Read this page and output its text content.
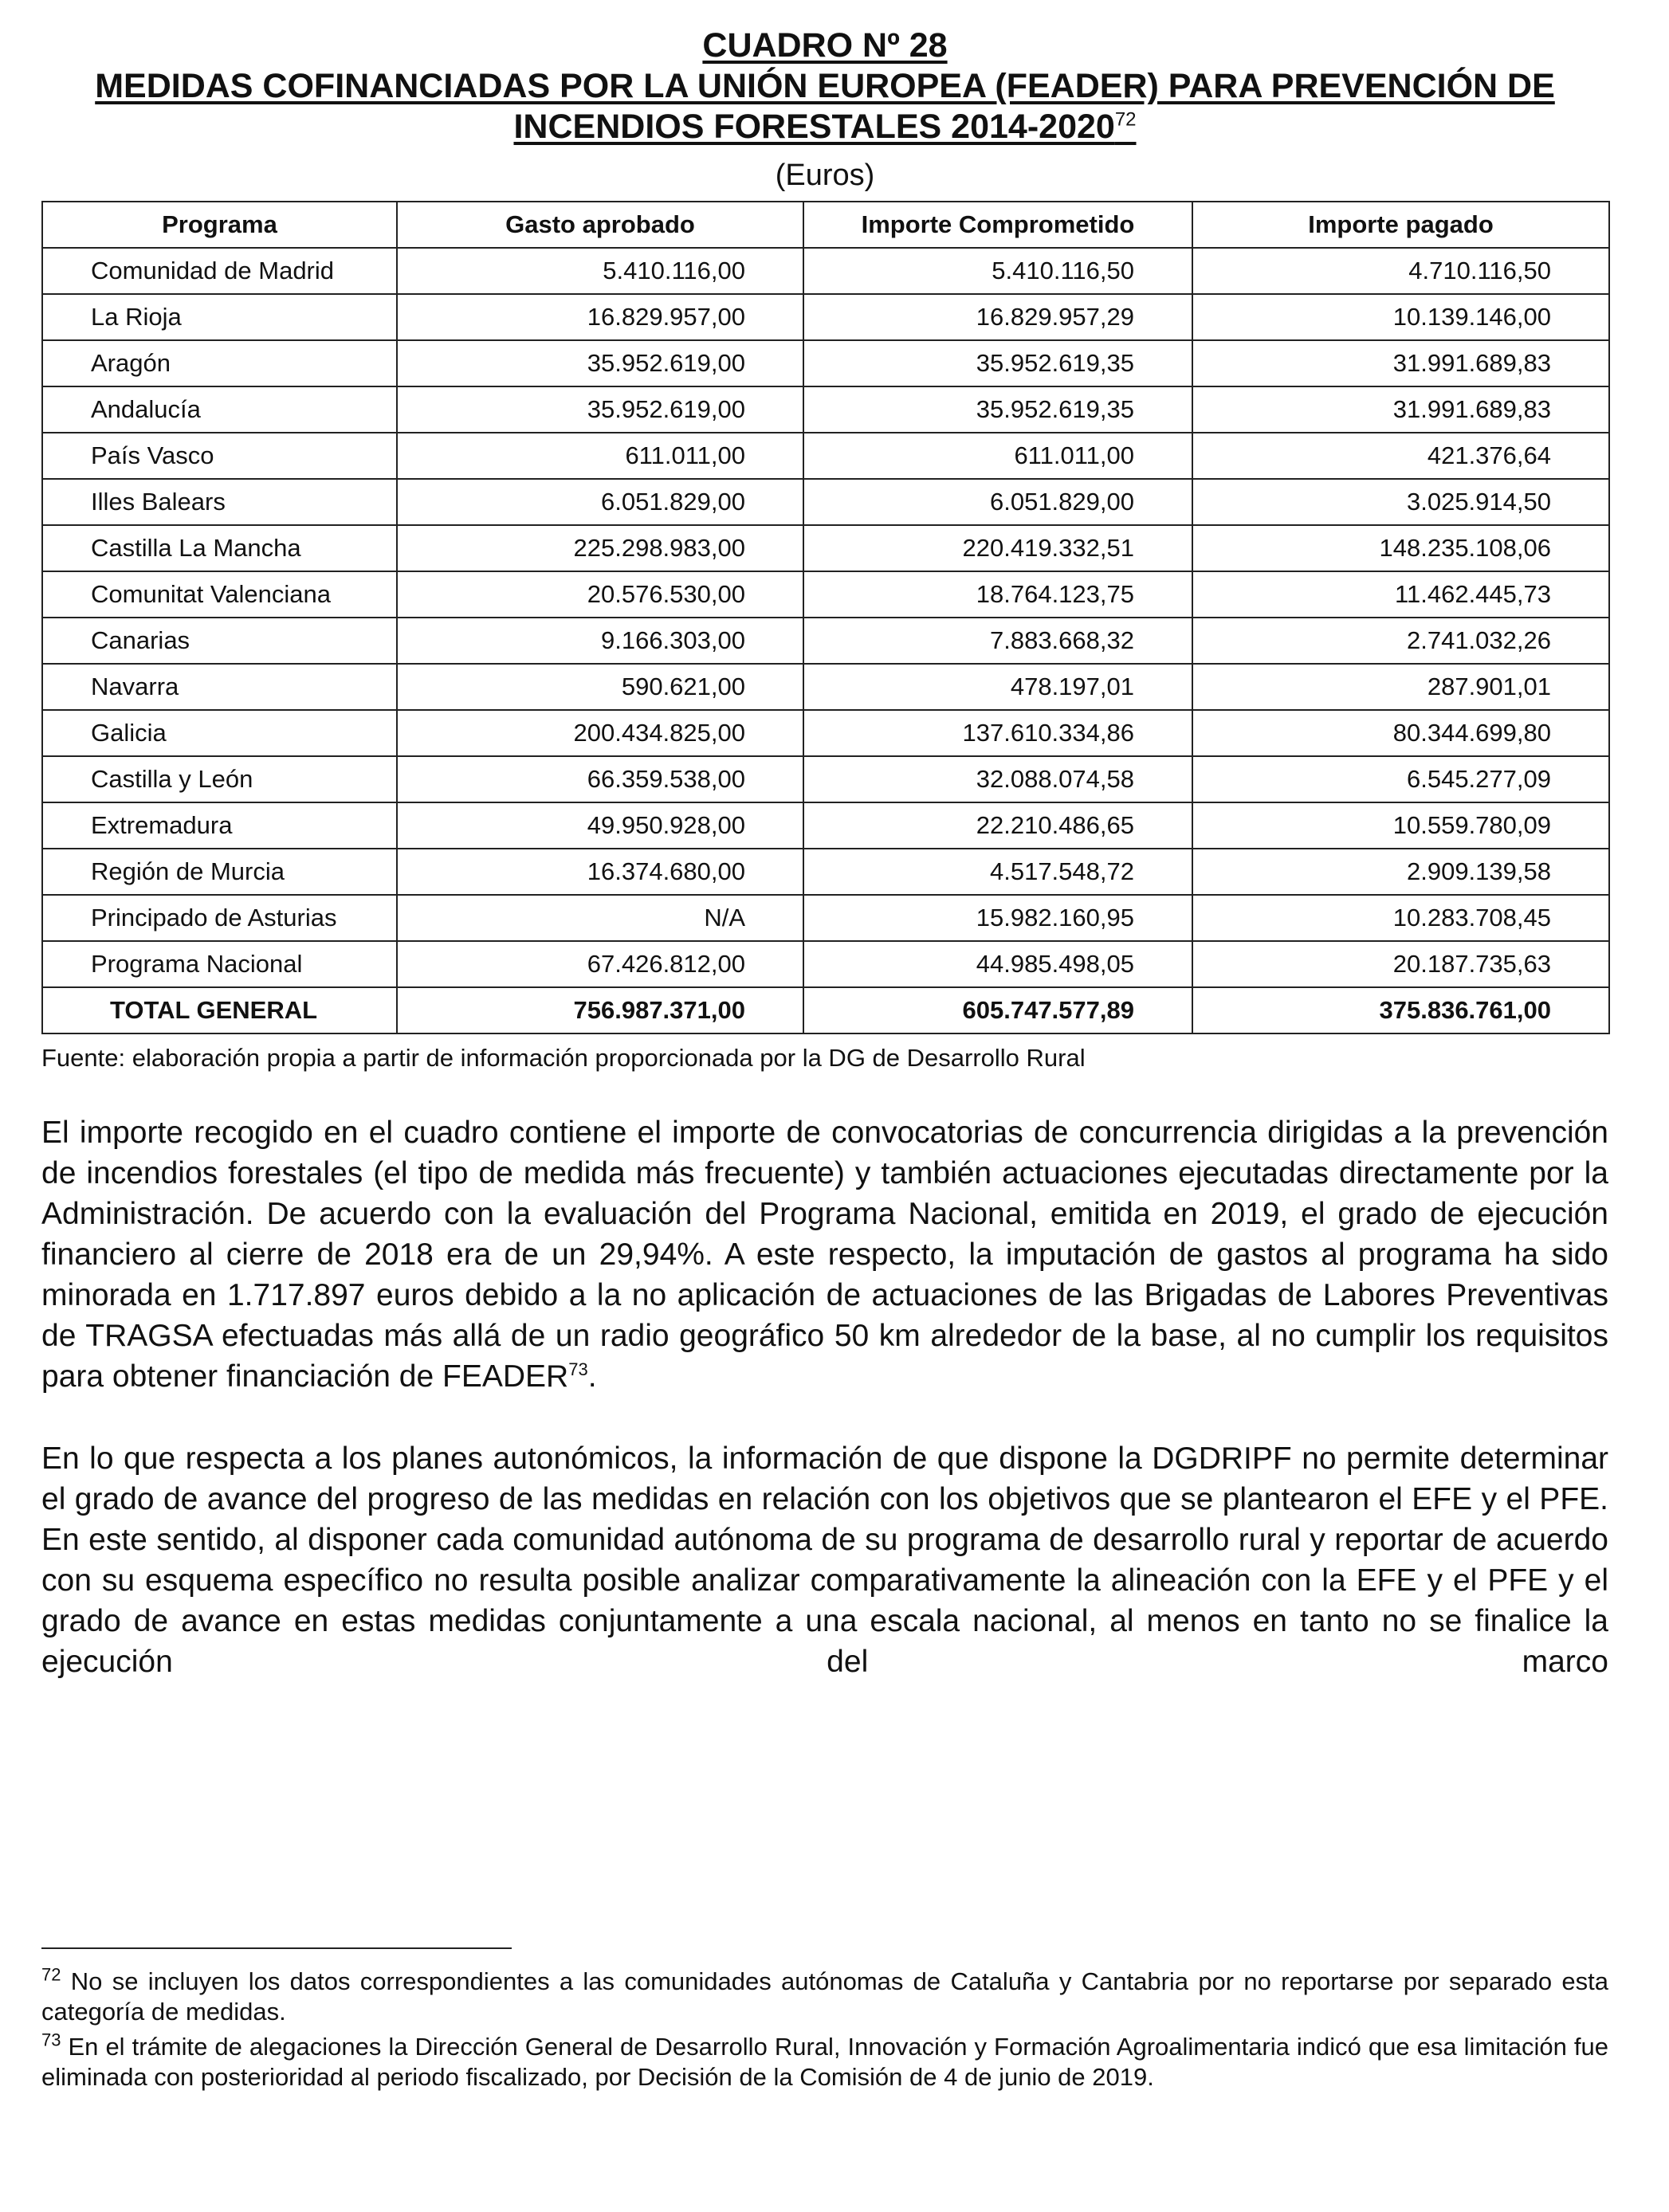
CUADRO Nº 28
MEDIDAS COFINANCIADAS POR LA UNIÓN EUROPEA (FEADER) PARA PREVENCIÓN DE
INCENDIOS FORESTALES 2014-2020$^{72}$
(Euros)
Programa	Gasto aprobado	Importe Comprometido	Importe pagado
Comunidad de Madrid	5.410.116,00	5.410.116,50	4.710.116,50
La Rioja	16.829.957,00	16.829.957,29	10.139.146,00
Aragón	35.952.619,00	35.952.619,35	31.991.689,83
Andalucía	35.952.619,00	35.952.619,35	31.991.689,83
País Vasco	611.011,00	611.011,00	421.376,64
Illes Balears	6.051.829,00	6.051.829,00	3.025.914,50
Castilla La Mancha	225.298.983,00	220.419.332,51	148.235.108,06
Comunitat Valenciana	20.576.530,00	18.764.123,75	11.462.445,73
Canarias	9.166.303,00	7.883.668,32	2.741.032,26
Navarra	590.621,00	478.197,01	287.901,01
Galicia	200.434.825,00	137.610.334,86	80.344.699,80
Castilla y León	66.359.538,00	32.088.074,58	6.545.277,09
Extremadura	49.950.928,00	22.210.486,65	10.559.780,09
Región de Murcia	16.374.680,00	4.517.548,72	2.909.139,58
Principado de Asturias	N/A	15.982.160,95	10.283.708,45
Programa Nacional	67.426.812,00	44.985.498,05	20.187.735,63
TOTAL GENERAL	756.987.371,00	605.747.577,89	375.836.761,00
Fuente: elaboración propia a partir de información proporcionada por la DG de Desarrollo Rural
El importe recogido en el cuadro contiene el importe de convocatorias de concurrencia dirigidas a la prevención de incendios forestales (el tipo de medida más frecuente) y también actuaciones ejecutadas directamente por la Administración. De acuerdo con la evaluación del Programa Nacional, emitida en 2019, el grado de ejecución financiero al cierre de 2018 era de un 29,94%. A este respecto, la imputación de gastos al programa ha sido minorada en 1.717.897 euros debido a la no aplicación de actuaciones de las Brigadas de Labores Preventivas de TRAGSA efectuadas más allá de un radio geográfico 50 km alrededor de la base, al no cumplir los requisitos para obtener financiación de FEADER$^{73}$.
En lo que respecta a los planes autonómicos, la información de que dispone la DGDRIPF no permite determinar el grado de avance del progreso de las medidas en relación con los objetivos que se plantearon el EFE y el PFE. En este sentido, al disponer cada comunidad autónoma de su programa de desarrollo rural y reportar de acuerdo con su esquema específico no resulta posible analizar comparativamente la alineación con la EFE y el PFE y el grado de avance en estas medidas conjuntamente a una escala nacional, al menos en tanto no se finalice la ejecución del marco
$^{72}$ No se incluyen los datos correspondientes a las comunidades autónomas de Cataluña y Cantabria por no reportarse por separado esta categoría de medidas.
$^{73}$ En el trámite de alegaciones la Dirección General de Desarrollo Rural, Innovación y Formación Agroalimentaria indicó que esa limitación fue eliminada con posterioridad al periodo fiscalizado, por Decisión de la Comisión de 4 de junio de 2019.
